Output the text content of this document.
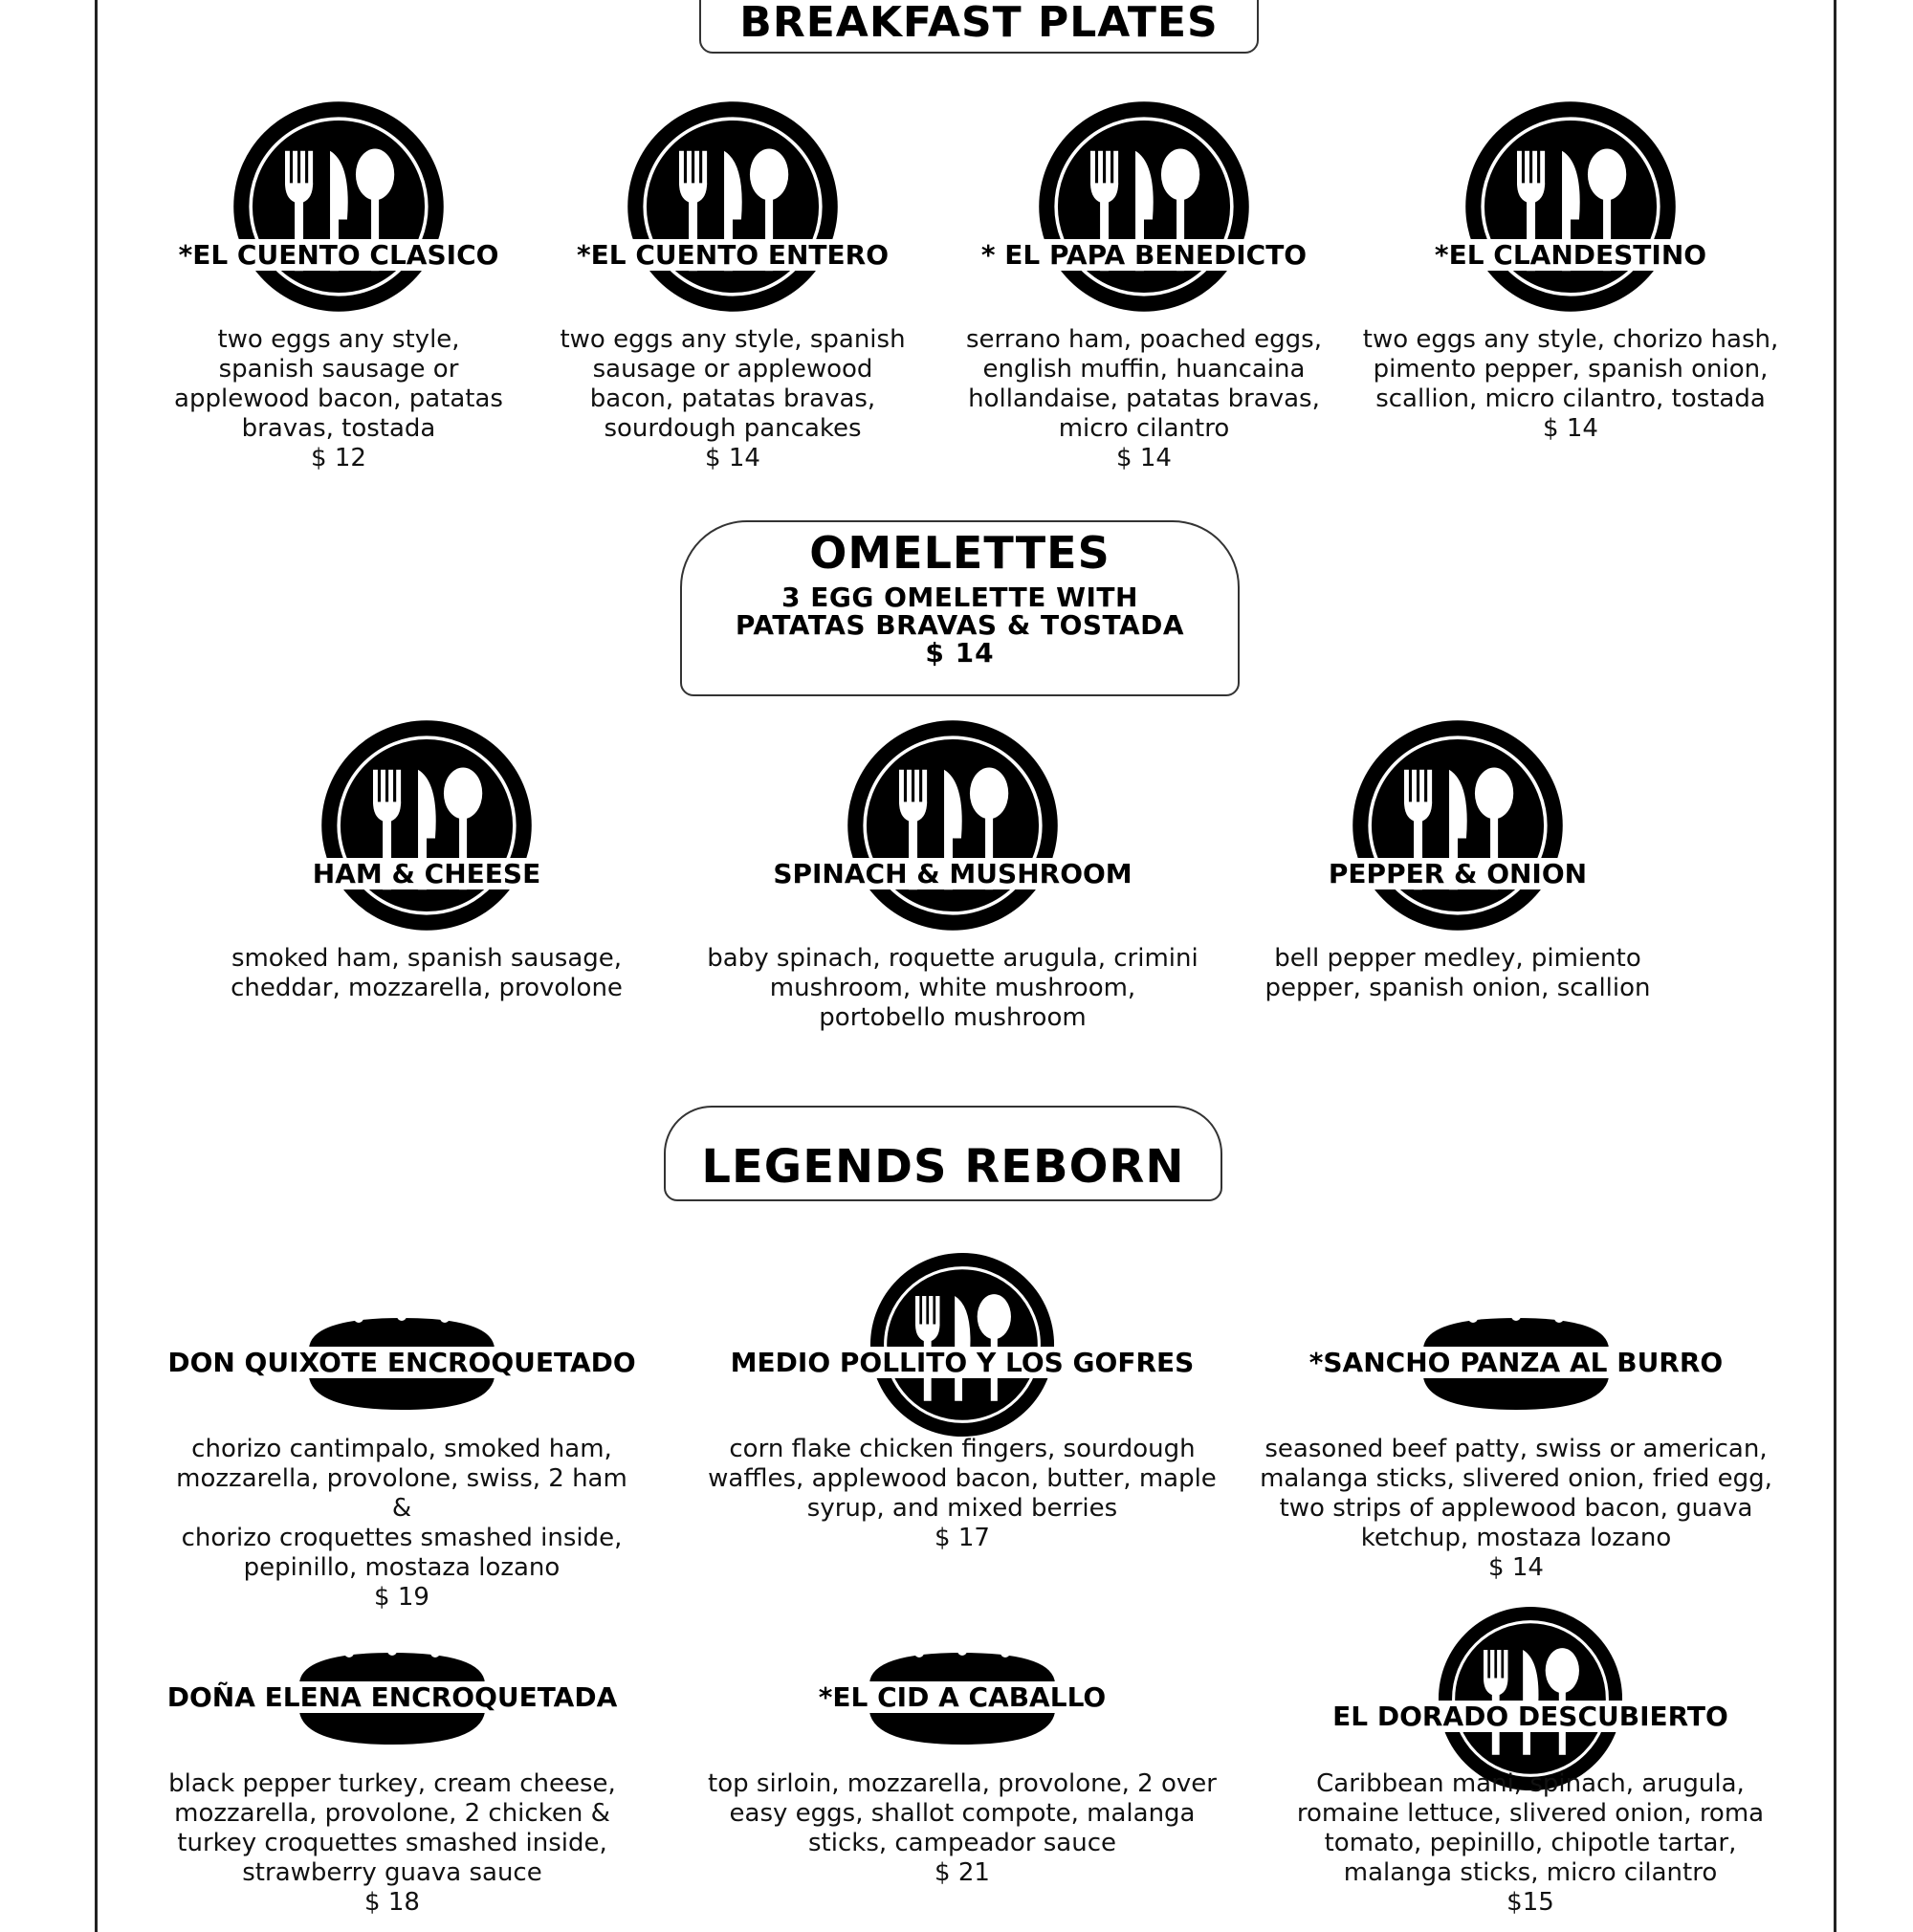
BREAKFAST PLATES
OMELETTES
3 EGG OMELETTE WITH
PATATAS BRAVAS & TOSTADA
$ 14
LEGENDS REBORN
*EL CUENTO CLASICO
two eggs any style,
spanish sausage or
applewood bacon, patatas
bravas, tostada
$ 12
*EL CUENTO ENTERO
two eggs any style, spanish
sausage or applewood
bacon, patatas bravas,
sourdough pancakes
$ 14
* EL PAPA BENEDICTO
serrano ham, poached eggs,
english muffin, huancaina
hollandaise, patatas bravas,
micro cilantro
$ 14
*EL CLANDESTINO
two eggs any style, chorizo hash,
pimento pepper, spanish onion,
scallion, micro cilantro, tostada
$ 14
HAM & CHEESE
smoked ham, spanish sausage,
cheddar, mozzarella, provolone
SPINACH & MUSHROOM
baby spinach, roquette arugula, crimini
mushroom, white mushroom,
portobello mushroom
PEPPER & ONION
bell pepper medley, pimiento
pepper, spanish onion, scallion
DON QUIXOTE ENCROQUETADO
chorizo cantimpalo, smoked ham,
mozzarella, provolone, swiss, 2 ham &
chorizo croquettes smashed inside,
pepinillo, mostaza lozano
$ 19
MEDIO POLLITO Y LOS GOFRES
corn flake chicken fingers, sourdough
waffles, applewood bacon, butter, maple
syrup, and mixed berries
$ 17
*SANCHO PANZA AL BURRO
seasoned beef patty, swiss or american,
malanga sticks, slivered onion, fried egg,
two strips of applewood bacon, guava
ketchup, mostaza lozano
$ 14
DOÑA ELENA ENCROQUETADA
black pepper turkey, cream cheese,
mozzarella, provolone, 2 chicken &
turkey croquettes smashed inside,
strawberry guava sauce
$ 18
*EL CID A CABALLO
top sirloin, mozzarella, provolone, 2 over
easy eggs, shallot compote, malanga
sticks, campeador sauce
$ 21
EL DORADO DESCUBIERTO
Caribbean mani, spinach, arugula,
romaine lettuce, slivered onion, roma
tomato, pepinillo, chipotle tartar,
malanga sticks, micro cilantro
$15
